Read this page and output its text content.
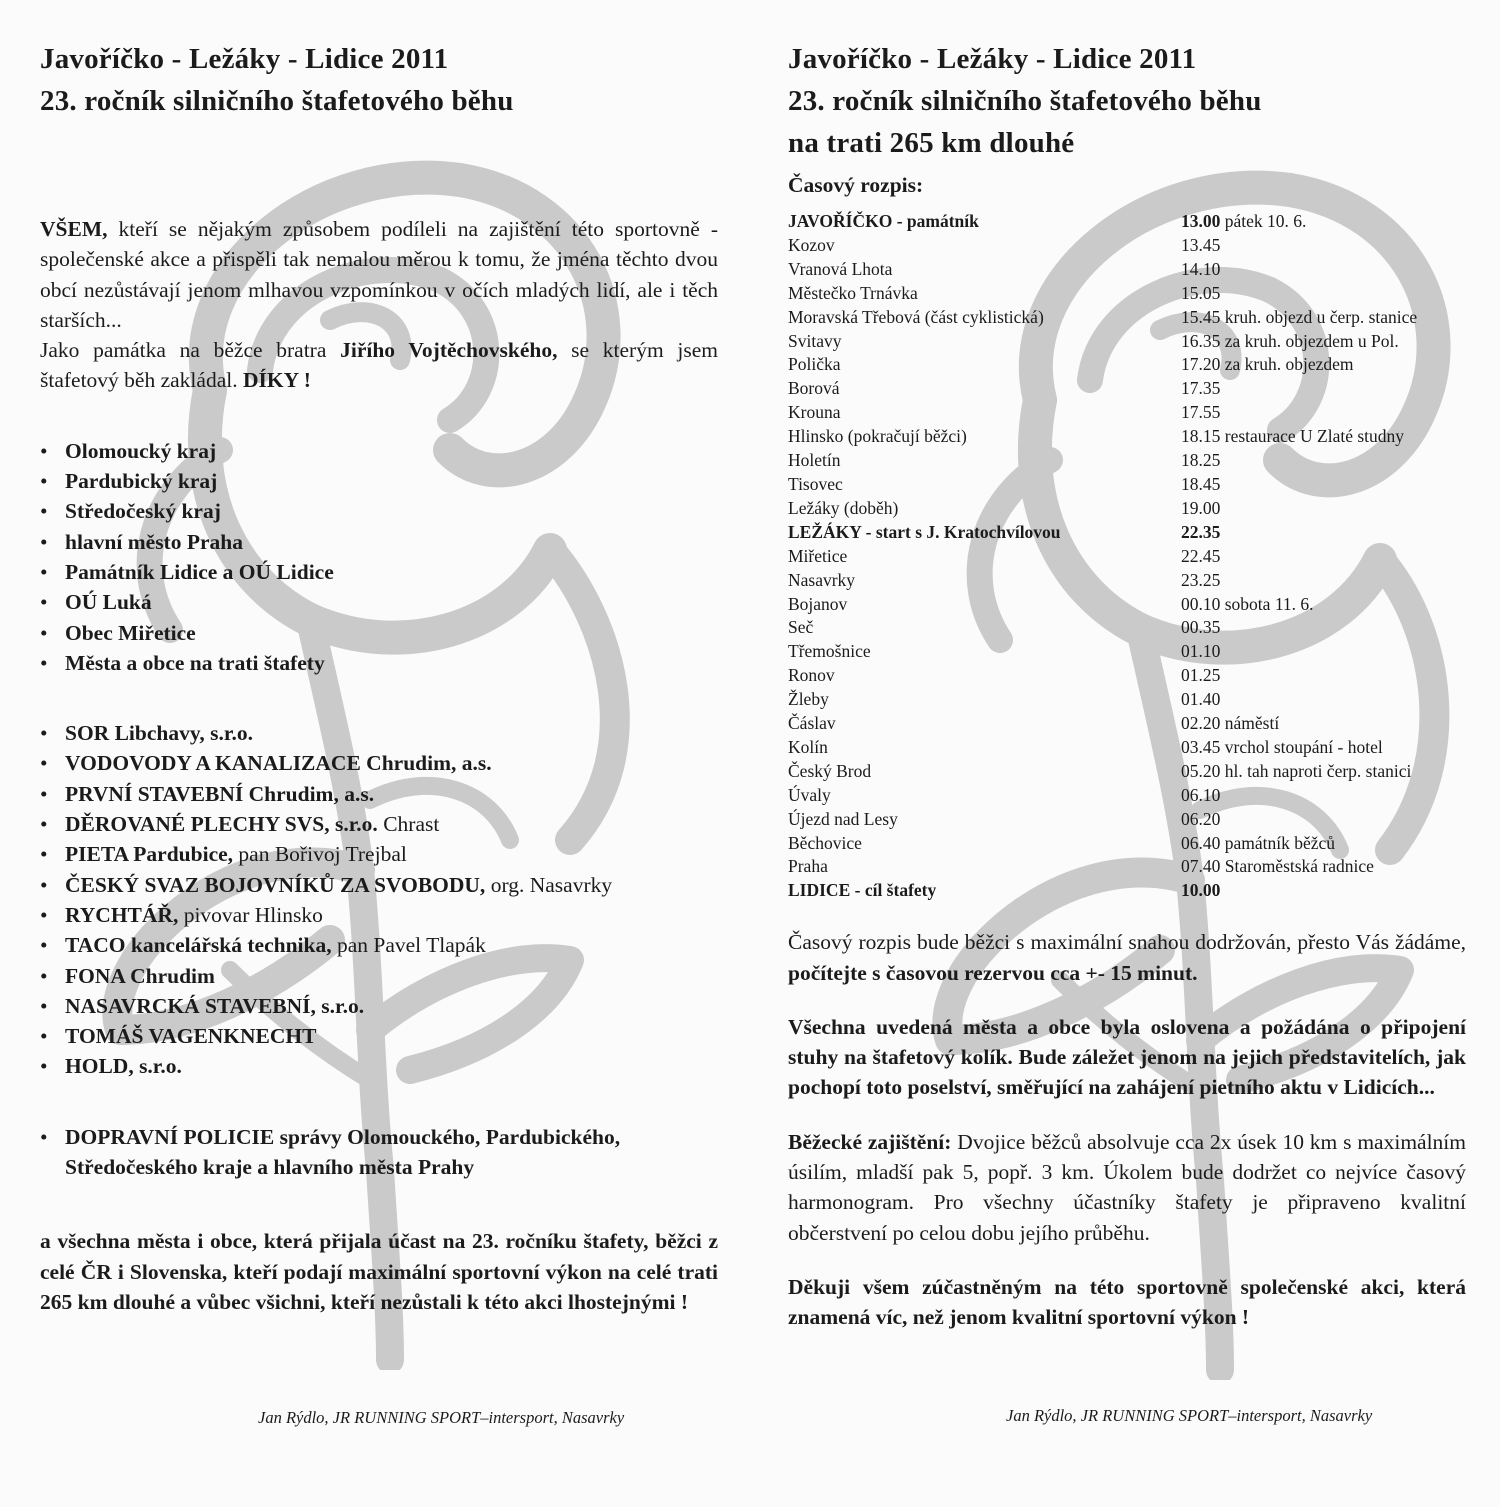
Javoříčko - Ležáky - Lidice 2011
23. ročník silničního štafetového běhu

VŠEM, kteří se nějakým způsobem podíleli na zajištění této sportovně - společenské akce a přispěli tak nemalou měrou k tomu, že jména těchto dvou obcí nezůstávají jenom mlhavou vzpomínkou v očích mladých lidí, ale i těch starších...

Jako památka na běžce bratra Jiřího Vojtěchovského, se kterým jsem štafetový běh zakládal. DÍKY !

• Olomoucký kraj
• Pardubický kraj
• Středočeský kraj
• hlavní město Praha
• Památník Lidice a OÚ Lidice
• OÚ Luká
• Obec Miřetice
• Města a obce na trati štafety
• SOR Libchavy, s.r.o.
• VODOVODY A KANALIZACE Chrudim, a.s.
• PRVNÍ STAVEBNÍ Chrudim, a.s.
• DĚROVANÉ PLECHY SVS, s.r.o. Chrast
• PIETA Pardubice, pan Bořivoj Trejbal
• ČESKÝ SVAZ BOJOVNÍKŮ ZA SVOBODU, org. Nasavrky
• RYCHTÁŘ, pivovar Hlinsko
• TACO kancelářská technika, pan Pavel Tlapák
• FONA Chrudim
• NASAVRCKÁ STAVEBNÍ, s.r.o.
• TOMÁŠ VAGENKNECHT
• HOLD, s.r.o.
• DOPRAVNÍ POLICIE správy Olomouckého, Pardubického, Středočeského kraje a hlavního města Prahy

a všechna města i obce, která přijala účast na 23. ročníku štafety, běžci z celé ČR i Slovenska, kteří podají maximální sportovní výkon na celé trati 265 km dlouhé a vůbec všichni, kteří nezůstali k této akci lhostejnými !

Jan Rýdlo, JR RUNNING SPORT–intersport, Nasavrky
Javoříčko - Ležáky - Lidice 2011
23. ročník silničního štafetového běhu
na trati 265 km dlouhé

Časový rozpis:

JAVOŘÍČKO - památník	13.00 pátek 10. 6.
Kozov	13.45
Vranová Lhota	14.10
Městečko Trnávka	15.05
Moravská Třebová (část cyklistická)	15.45 kruh. objezd u čerp. stanice
Svitavy	16.35 za kruh. objezdem u Pol.
Polička	17.20 za kruh. objezdem
Borová	17.35
Krouna	17.55
Hlinsko (pokračují běžci)	18.15 restaurace U Zlaté studny
Holetín	18.25
Tisovec	18.45
Ležáky (doběh)	19.00
LEŽÁKY - start s J. Kratochvílovou	22.35
Miřetice	22.45
Nasavrky	23.25
Bojanov	00.10 sobota 11. 6.
Seč	00.35
Třemošnice	01.10
Ronov	01.25
Žleby	01.40
Čáslav	02.20 náměstí
Kolín	03.45 vrchol stoupání - hotel
Český Brod	05.20 hl. tah naproti čerp. stanici
Úvaly	06.10
Újezd nad Lesy	06.20
Běchovice	06.40 památník běžců
Praha	07.40 Staroměstská radnice
LIDICE - cíl štafety	10.00

Časový rozpis bude běžci s maximální snahou dodržován, přesto Vás žádáme, počítejte s časovou rezervou cca +- 15 minut.

Všechna uvedená města a obce byla oslovena a požádána o připojení stuhy na štafetový kolík. Bude záležet jenom na jejich představitelích, jak pochopí toto poselství, směřující na zahájení pietního aktu v Lidicích...

Běžecké zajištění: Dvojice běžců absolvuje cca 2x úsek 10 km s maximálním úsilím, mladší pak 5, popř. 3 km. Úkolem bude dodržet co nejvíce časový harmonogram. Pro všechny účastníky štafety je připraveno kvalitní občerstvení po celou dobu jejího průběhu.

Děkuji všem zúčastněným na této sportovně společenské akci, která znamená víc, než jenom kvalitní sportovní výkon !

Jan Rýdlo, JR RUNNING SPORT–intersport, Nasavrky
